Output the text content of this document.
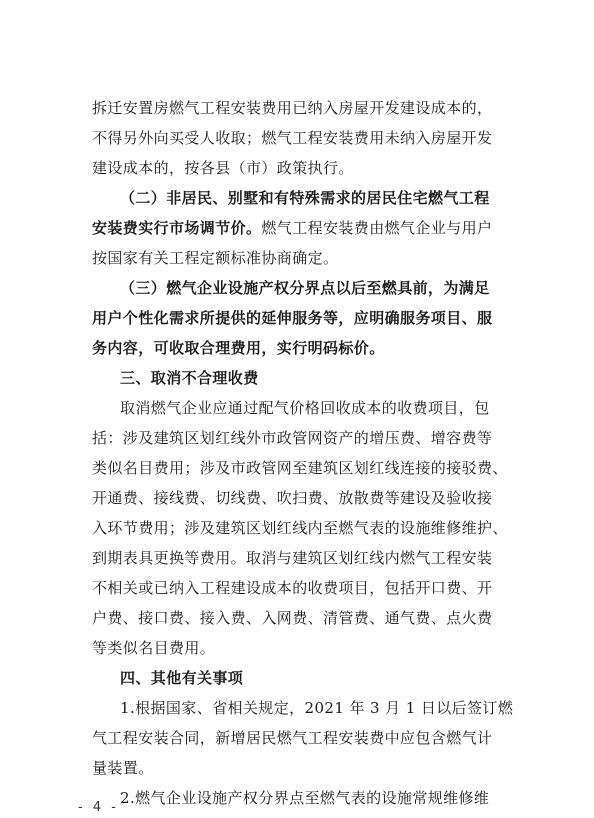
拆迁安置房燃气工程安装费用已纳入房屋开发建设成本的，
不得另外向买受人收取；燃气工程安装费用未纳入房屋开发
建设成本的，按各县（市）政策执行。
（二）非居民、别墅和有特殊需求的居民住宅燃气工程
安装费实行市场调节价。燃气工程安装费由燃气企业与用户
按国家有关工程定额标准协商确定。
（三）燃气企业设施产权分界点以后至燃具前，为满足
用户个性化需求所提供的延伸服务等，应明确服务项目、服
务内容，可收取合理费用，实行明码标价。
三、取消不合理收费
取消燃气企业应通过配气价格回收成本的收费项目，包
括：涉及建筑区划红线外市政管网资产的增压费、增容费等
类似名目费用；涉及市政管网至建筑区划红线连接的接驳费、
开通费、接线费、切线费、吹扫费、放散费等建设及验收接
入环节费用；涉及建筑区划红线内至燃气表的设施维修维护、
到期表具更换等费用。取消与建筑区划红线内燃气工程安装
不相关或已纳入工程建设成本的收费项目，包括开口费、开
户费、接口费、接入费、入网费、清管费、通气费、点火费
等类似名目费用。
四、其他有关事项
1.根据国家、省相关规定，2021 年 3 月 1 日以后签订燃
气工程安装合同，新增居民燃气工程安装费中应包含燃气计
量装置。
2.燃气企业设施产权分界点至燃气表的设施常规维修维
- 4 -
